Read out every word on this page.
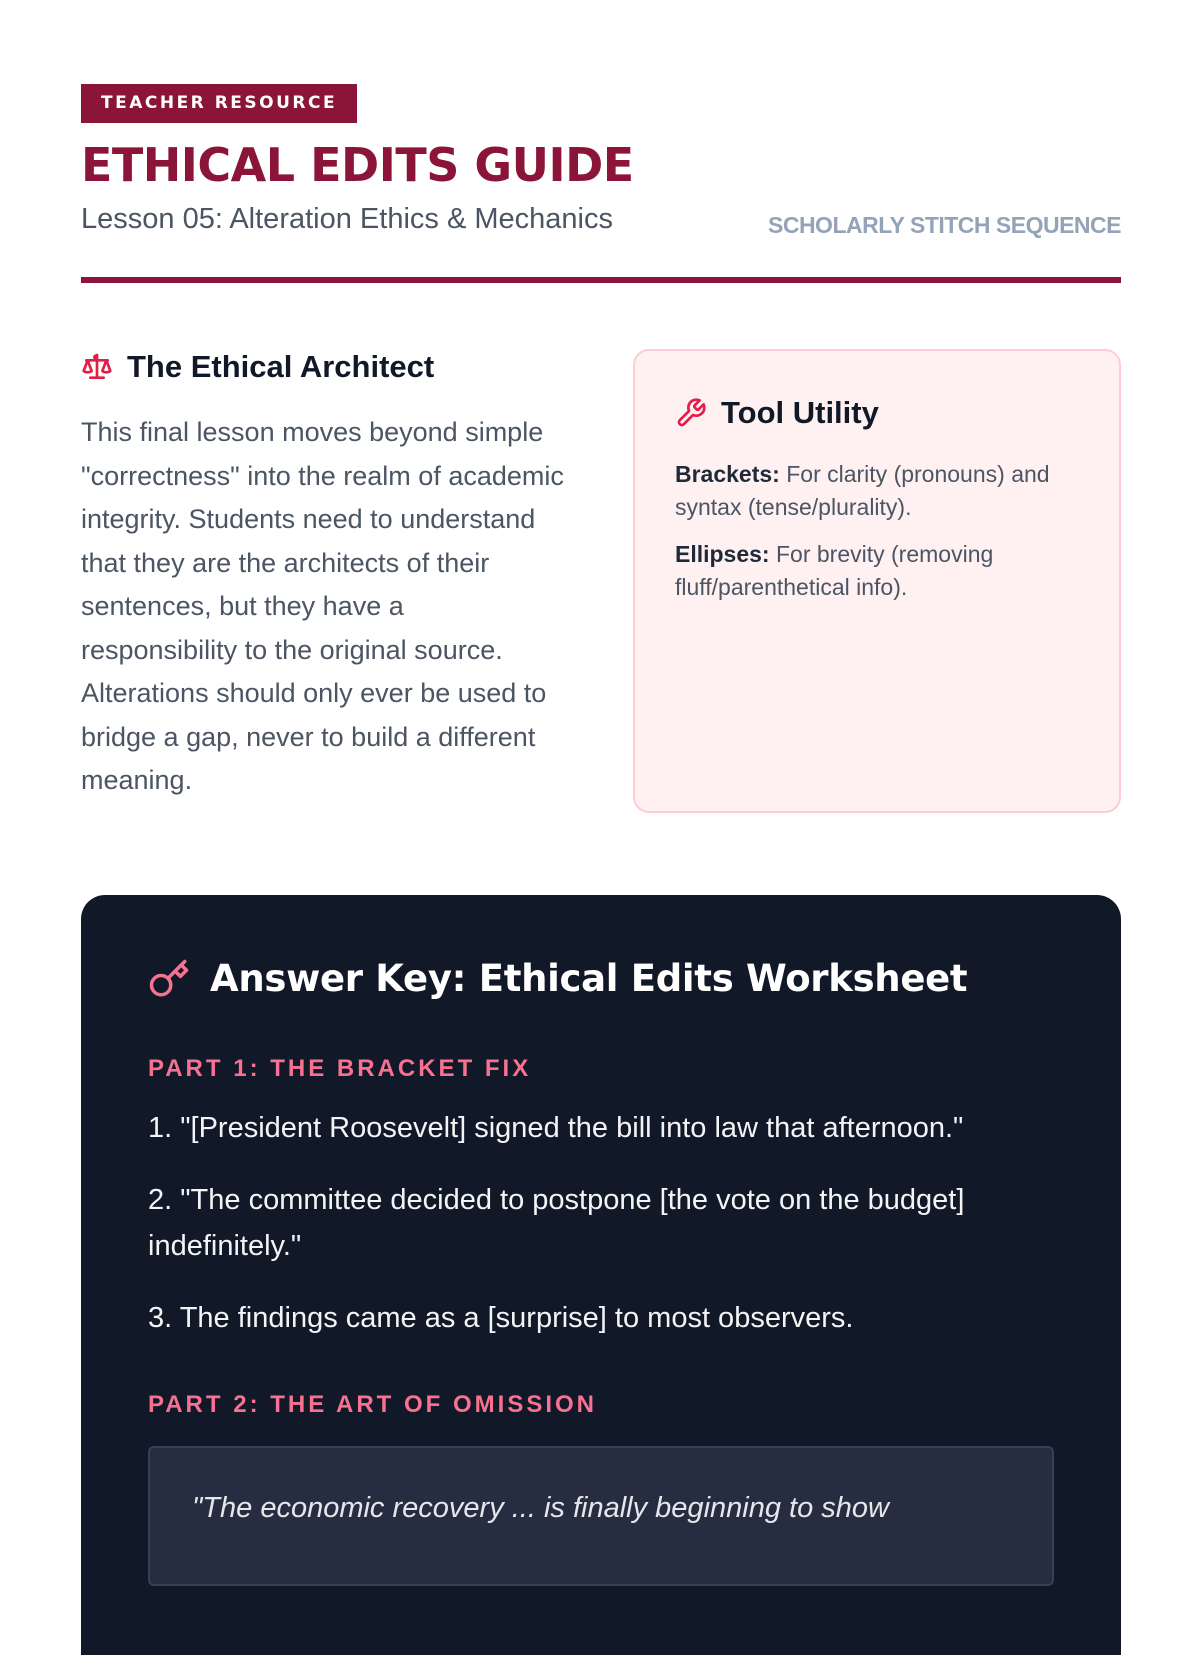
TEACHER RESOURCE
ETHICAL EDITS GUIDE
Lesson 05: Alteration Ethics & Mechanics	SCHOLARLY STITCH SEQUENCE
The Ethical Architect

This final lesson moves beyond simple "correctness" into the realm of academic integrity. Students need to understand that they are the architects of their sentences, but they have a responsibility to the original source. Alterations should only ever be used to bridge a gap, never to build a different meaning.

Tool Utility
Brackets: For clarity (pronouns) and syntax (tense/plurality).
Ellipses: For brevity (removing fluff/parenthetical info).
Answer Key: Ethical Edits Worksheet
PART 1: THE BRACKET FIX
1. "[President Roosevelt] signed the bill into law that afternoon."
2. "The committee decided to postpone [the vote on the budget] indefinitely."
3. The findings came as a [surprise] to most observers.
PART 2: THE ART OF OMISSION

"The economic recovery ... is finally beginning to show
